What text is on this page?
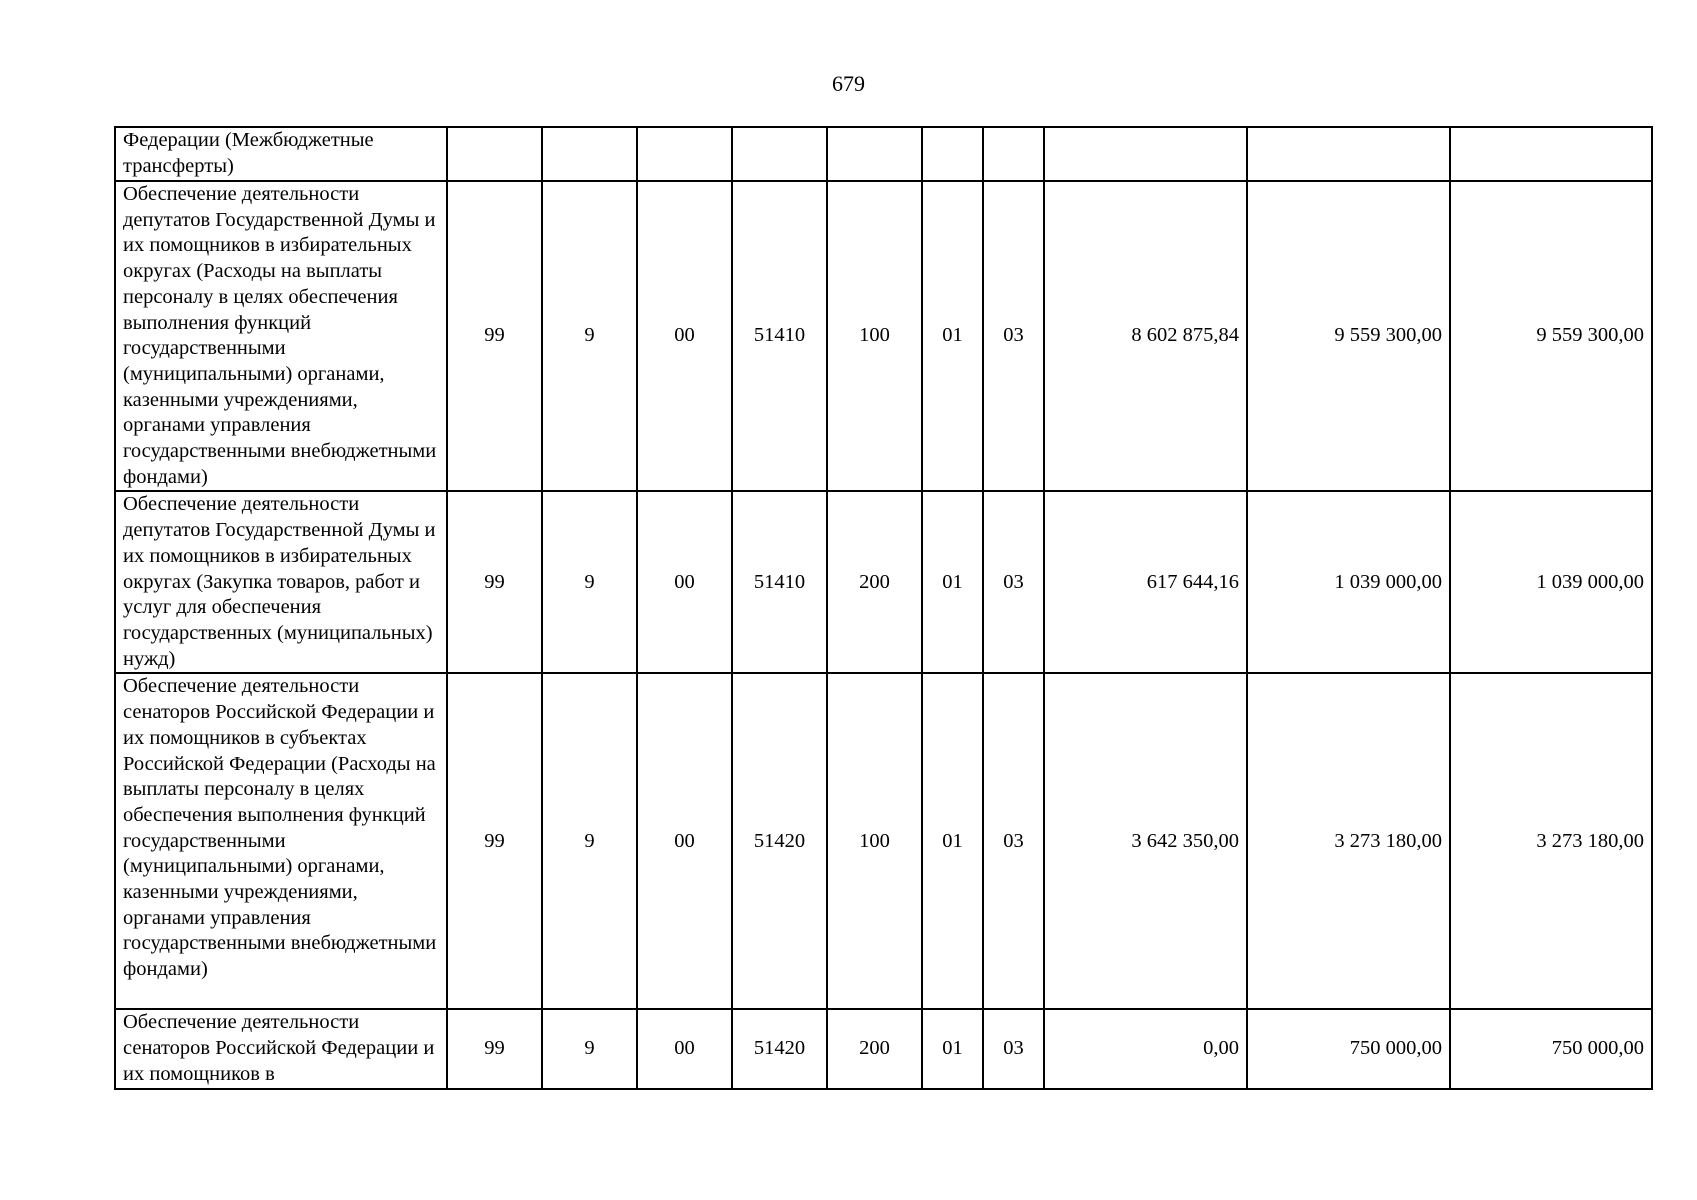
679
Федерации (Межбюджетные трансферты)										
Обеспечение деятельности депутатов Государственной Думы и их помощников в избирательных округах (Расходы на выплаты персоналу в целях обеспечения выполнения функций государственными (муниципальными) органами, казенными учреждениями, органами управления государственными внебюджетными фондами)	99	9	00	51410	100	01	03	8 602 875,84	9 559 300,00	9 559 300,00
Обеспечение деятельности депутатов Государственной Думы и их помощников в избирательных округах (Закупка товаров, работ и услуг для обеспечения государственных (муниципальных) нужд)	99	9	00	51410	200	01	03	617 644,16	1 039 000,00	1 039 000,00
Обеспечение деятельности сенаторов Российской Федерации и их помощников в субъектах Российской Федерации (Расходы на выплаты персоналу в целях обеспечения выполнения функций государственными (муниципальными) органами, казенными учреждениями, органами управления государственными внебюджетными фондами)	99	9	00	51420	100	01	03	3 642 350,00	3 273 180,00	3 273 180,00
Обеспечение деятельности сенаторов Российской Федерации и их помощников в	99	9	00	51420	200	01	03	0,00	750 000,00	750 000,00
